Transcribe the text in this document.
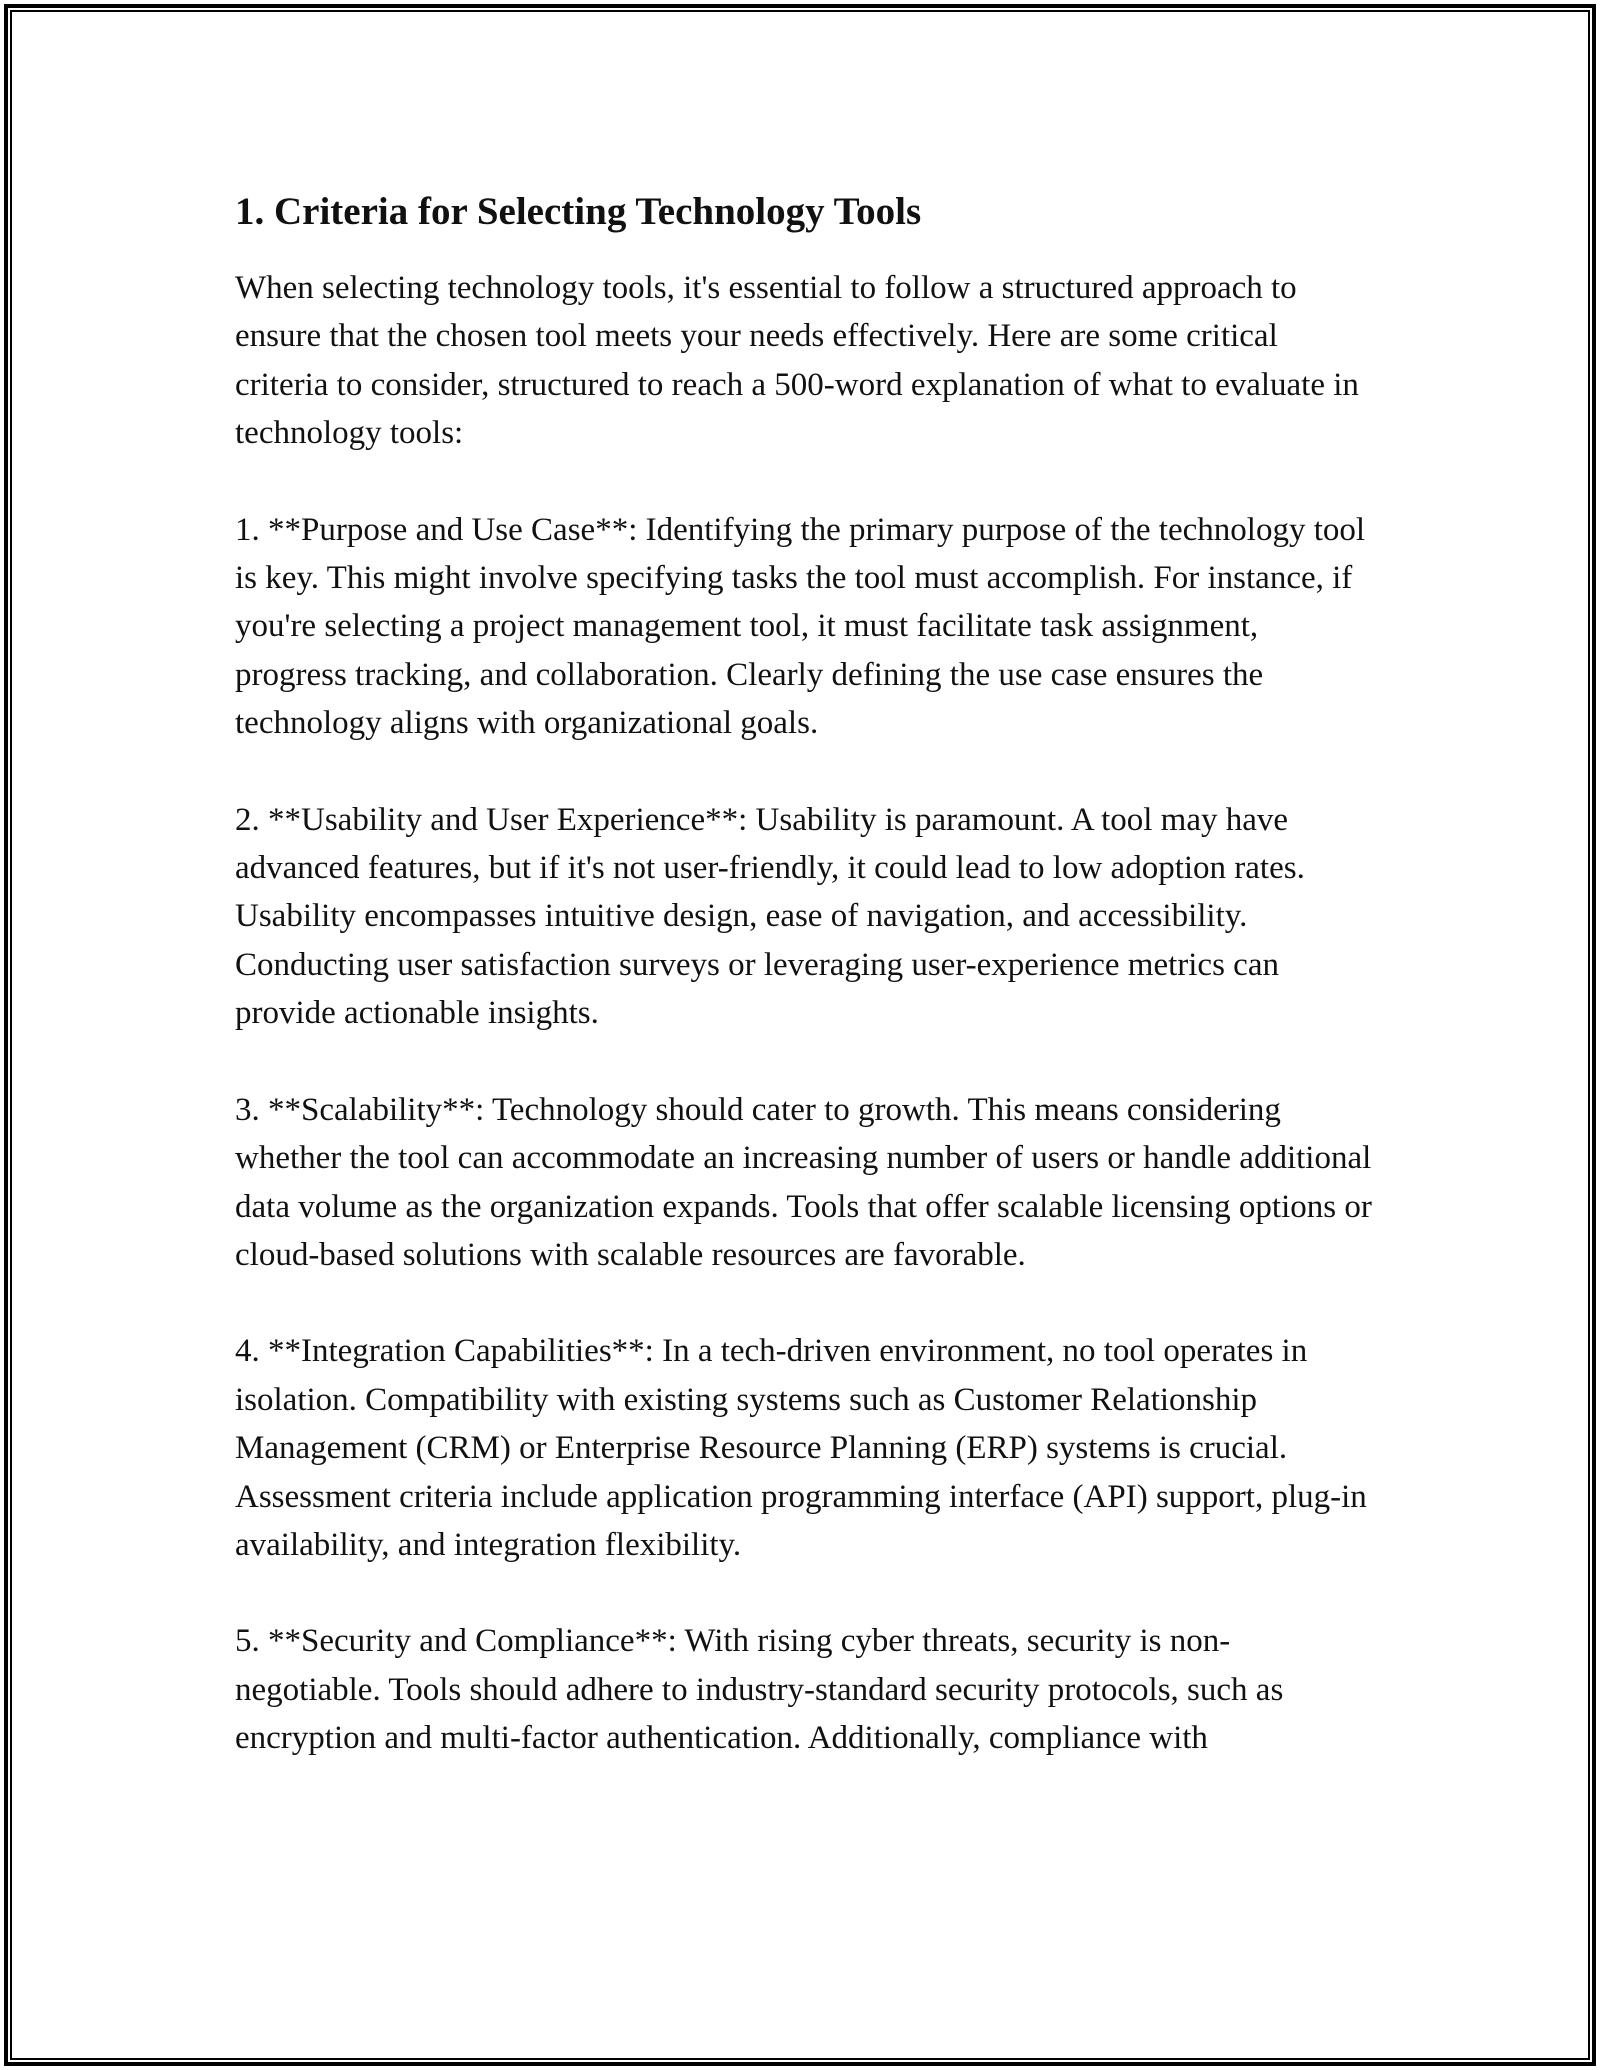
1. Criteria for Selecting Technology Tools

When selecting technology tools, it's essential to follow a structured approach to ensure that the chosen tool meets your needs effectively. Here are some critical criteria to consider, structured to reach a 500-word explanation of what to evaluate in technology tools:

1. **Purpose and Use Case**: Identifying the primary purpose of the technology tool is key. This might involve specifying tasks the tool must accomplish. For instance, if you're selecting a project management tool, it must facilitate task assignment, progress tracking, and collaboration. Clearly defining the use case ensures the technology aligns with organizational goals.

2. **Usability and User Experience**: Usability is paramount. A tool may have advanced features, but if it's not user-friendly, it could lead to low adoption rates. Usability encompasses intuitive design, ease of navigation, and accessibility. Conducting user satisfaction surveys or leveraging user-experience metrics can provide actionable insights.

3. **Scalability**: Technology should cater to growth. This means considering whether the tool can accommodate an increasing number of users or handle additional data volume as the organization expands. Tools that offer scalable licensing options or cloud-based solutions with scalable resources are favorable.

4. **Integration Capabilities**: In a tech-driven environment, no tool operates in isolation. Compatibility with existing systems such as Customer Relationship Management (CRM) or Enterprise Resource Planning (ERP) systems is crucial. Assessment criteria include application programming interface (API) support, plug-in availability, and integration flexibility.

5. **Security and Compliance**: With rising cyber threats, security is non-negotiable. Tools should adhere to industry-standard security protocols, such as encryption and multi-factor authentication. Additionally, compliance with
